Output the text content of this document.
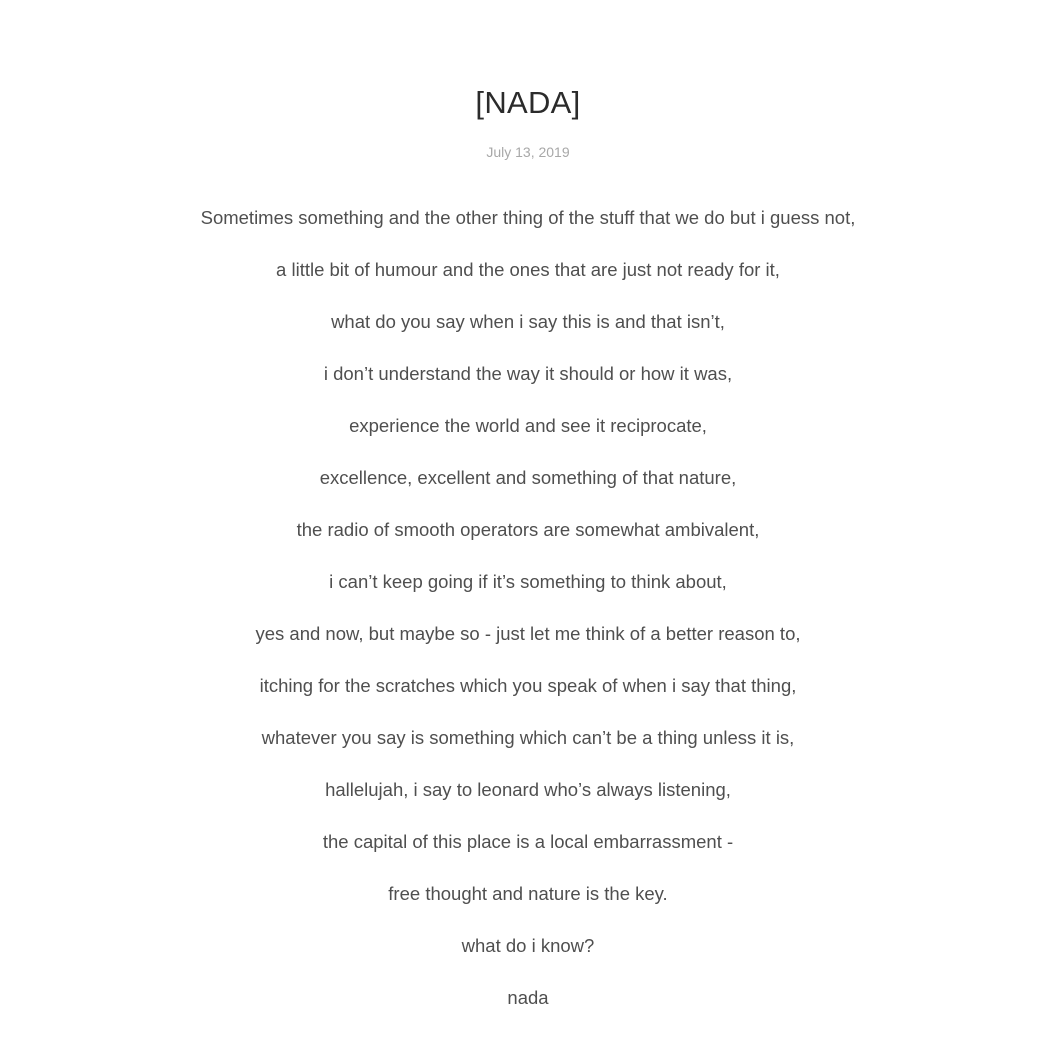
[NADA]
July 13, 2019

Sometimes something and the other thing of the stuff that we do but i guess not,

a little bit of humour and the ones that are just not ready for it,

what do you say when i say this is and that isn’t,

i don’t understand the way it should or how it was,

experience the world and see it reciprocate,

excellence, excellent and something of that nature,

the radio of smooth operators are somewhat ambivalent,

i can’t keep going if it’s something to think about,

yes and now, but maybe so - just let me think of a better reason to,

itching for the scratches which you speak of when i say that thing,

whatever you say is something which can’t be a thing unless it is,

hallelujah, i say to leonard who’s always listening,

the capital of this place is a local embarrassment -

free thought and nature is the key.

what do i know?

nada
